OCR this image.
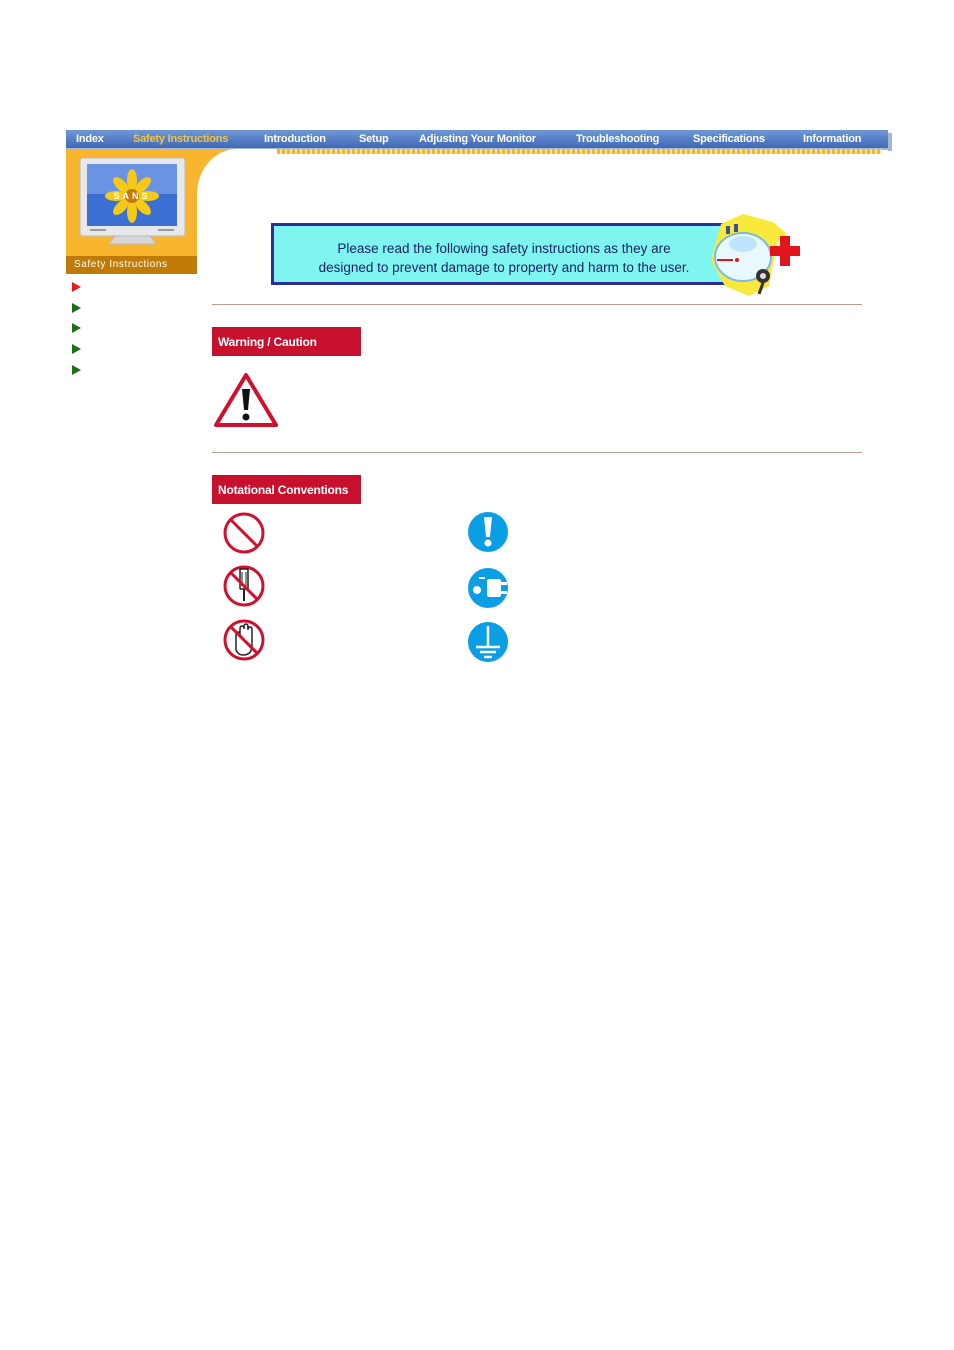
Index	Safety Instructions	Introduction	Setup	Adjusting Your Monitor	Troubleshooting	Specifications	Information
SANS
Safety Instructions
Please read the following safety instructions as they are
designed to prevent damage to property and harm to the user.
Warning / Caution
Notational Conventions
